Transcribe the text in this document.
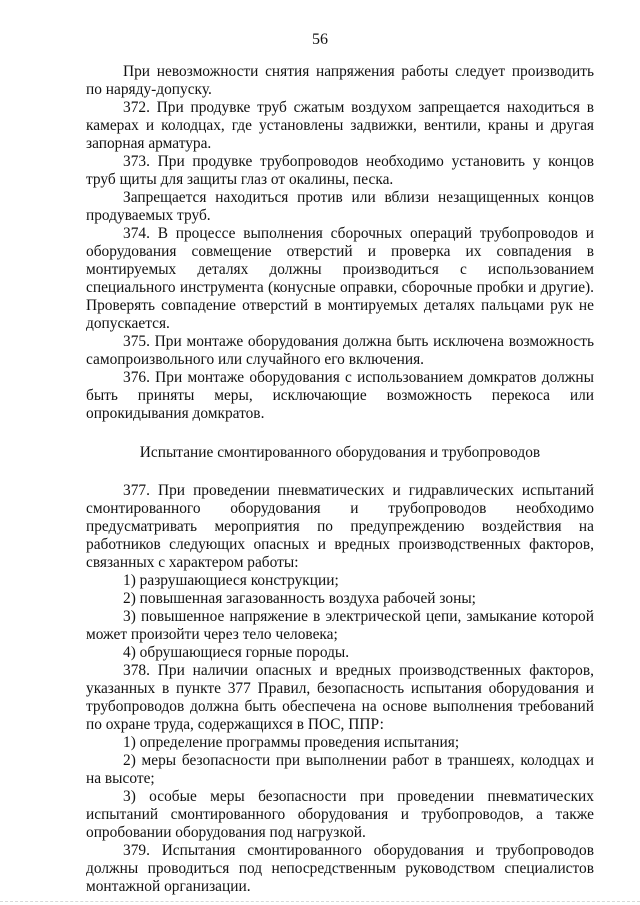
56

При невозможности снятия напряжения работы следует производить по наряду-допуску.

372. При продувке труб сжатым воздухом запрещается находиться в камерах и колодцах, где установлены задвижки, вентили, краны и другая запорная арматура.

373. При продувке трубопроводов необходимо установить у концов труб щиты для защиты глаз от окалины, песка.

Запрещается находиться против или вблизи незащищенных концов продуваемых труб.

374. В процессе выполнения сборочных операций трубопроводов и оборудования совмещение отверстий и проверка их совпадения в монтируемых деталях должны производиться с использованием специального инструмента (конусные оправки, сборочные пробки и другие). Проверять совпадение отверстий в монтируемых деталях пальцами рук не допускается.

375. При монтаже оборудования должна быть исключена возможность самопроизвольного или случайного его включения.

376. При монтаже оборудования с использованием домкратов должны быть приняты меры, исключающие возможность перекоса или опрокидывания домкратов.

Испытание смонтированного оборудования и трубопроводов

377. При проведении пневматических и гидравлических испытаний смонтированного оборудования и трубопроводов необходимо предусматривать мероприятия по предупреждению воздействия на работников следующих опасных и вредных производственных факторов, связанных с характером работы:

1) разрушающиеся конструкции;

2) повышенная загазованность воздуха рабочей зоны;

3) повышенное напряжение в электрической цепи, замыкание которой может произойти через тело человека;

4) обрушающиеся горные породы.

378. При наличии опасных и вредных производственных факторов, указанных в пункте 377 Правил, безопасность испытания оборудования и трубопроводов должна быть обеспечена на основе выполнения требований по охране труда, содержащихся в ПОС, ППР:

1) определение программы проведения испытания;

2) меры безопасности при выполнении работ в траншеях, колодцах и на высоте;

3) особые меры безопасности при проведении пневматических испытаний смонтированного оборудования и трубопроводов, а также опробовании оборудования под нагрузкой.

379. Испытания смонтированного оборудования и трубопроводов должны проводиться под непосредственным руководством специалистов монтажной организации.
